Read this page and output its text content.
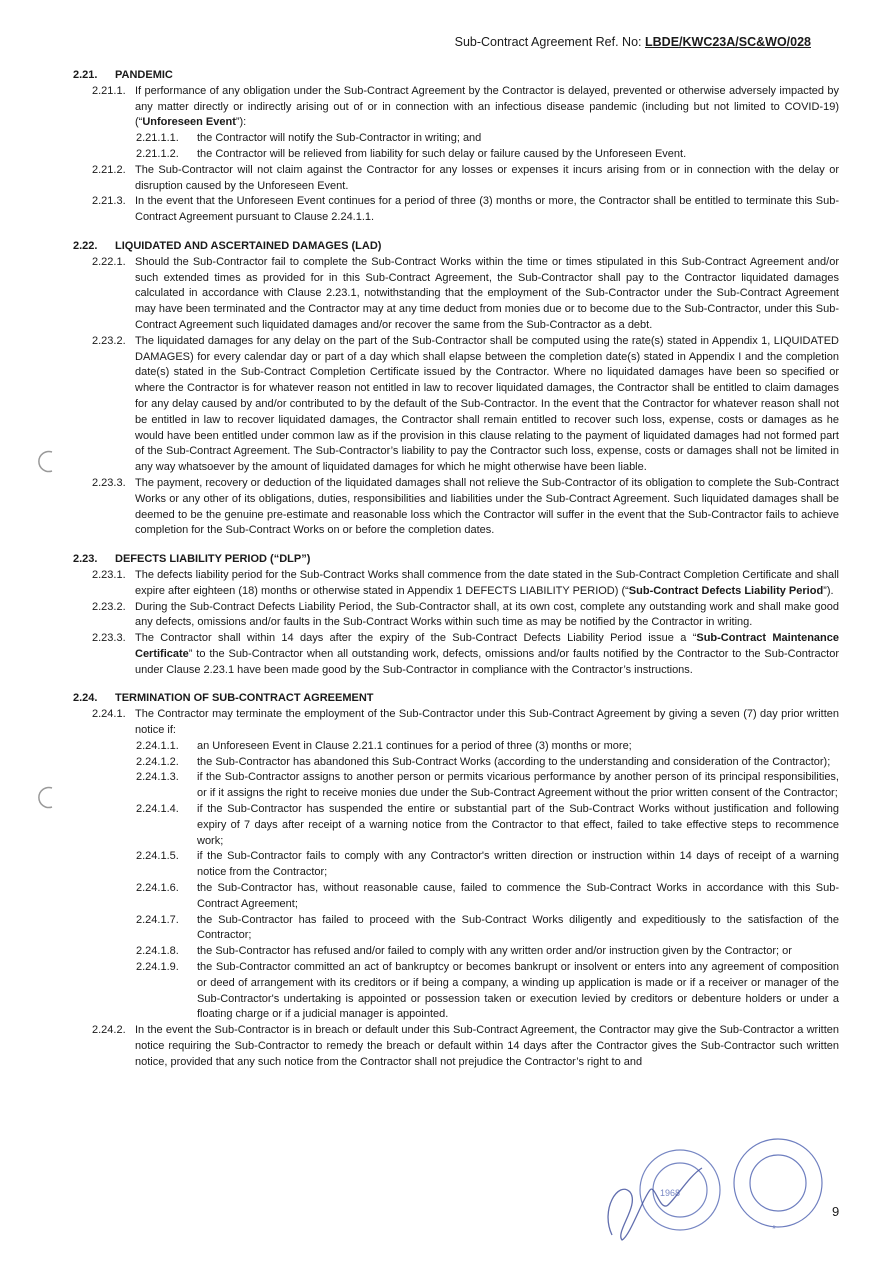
Sub-Contract Agreement Ref. No: LBDE/KWC23A/SC&WO/028
2.21. PANDEMIC
2.21.1. If performance of any obligation under the Sub-Contract Agreement by the Contractor is delayed, prevented or otherwise adversely impacted by any matter directly or indirectly arising out of or in connection with an infectious disease pandemic (including but not limited to COVID-19) (“Unforeseen Event”):
2.21.1.1.	the Contractor will notify the Sub-Contractor in writing; and
2.21.1.2.	the Contractor will be relieved from liability for such delay or failure caused by the Unforeseen Event.
2.21.2. The Sub-Contractor will not claim against the Contractor for any losses or expenses it incurs arising from or in connection with the delay or disruption caused by the Unforeseen Event.
2.21.3. In the event that the Unforeseen Event continues for a period of three (3) months or more, the Contractor shall be entitled to terminate this Sub-Contract Agreement pursuant to Clause 2.24.1.1.
2.22. LIQUIDATED AND ASCERTAINED DAMAGES (LAD)
2.22.1. Should the Sub-Contractor fail to complete the Sub-Contract Works within the time or times stipulated in this Sub-Contract Agreement and/or such extended times as provided for in this Sub-Contract Agreement, the Sub-Contractor shall pay to the Contractor liquidated damages calculated in accordance with Clause 2.23.1, notwithstanding that the employment of the Sub-Contractor under the Sub-Contract Agreement may have been terminated and the Contractor may at any time deduct from monies due or to become due to the Sub-Contractor, under this Sub-Contract Agreement such liquidated damages and/or recover the same from the Sub-Contractor as a debt.
2.23.2. The liquidated damages for any delay on the part of the Sub-Contractor shall be computed using the rate(s) stated in Appendix 1, LIQUIDATED DAMAGES) for every calendar day or part of a day which shall elapse between the completion date(s) stated in Appendix I and the completion date(s) stated in the Sub-Contract Completion Certificate issued by the Contractor. Where no liquidated damages have been so specified or where the Contractor is for whatever reason not entitled in law to recover liquidated damages, the Contractor shall be entitled to claim damages for any delay caused by and/or contributed to by the default of the Sub-Contractor. In the event that the Contractor for whatever reason shall not be entitled in law to recover liquidated damages, the Contractor shall remain entitled to recover such loss, expense, costs or damages as he would have been entitled under common law as if the provision in this clause relating to the payment of liquidated damages had not formed part of the Sub-Contract Agreement. The Sub-Contractor’s liability to pay the Contractor such loss, expense, costs or damages shall not be limited in any way whatsoever by the amount of liquidated damages for which he might otherwise have been liable.
2.23.3. The payment, recovery or deduction of the liquidated damages shall not relieve the Sub-Contractor of its obligation to complete the Sub-Contract Works or any other of its obligations, duties, responsibilities and liabilities under the Sub-Contract Agreement. Such liquidated damages shall be deemed to be the genuine pre-estimate and reasonable loss which the Contractor will suffer in the event that the Sub-Contractor fails to achieve completion for the Sub-Contract Works on or before the completion dates.
2.23. DEFECTS LIABILITY PERIOD (“DLP”)
2.23.1. The defects liability period for the Sub-Contract Works shall commence from the date stated in the Sub-Contract Completion Certificate and shall expire after eighteen (18) months or otherwise stated in Appendix 1 DEFECTS LIABILITY PERIOD) (“Sub-Contract Defects Liability Period”).
2.23.2. During the Sub-Contract Defects Liability Period, the Sub-Contractor shall, at its own cost, complete any outstanding work and shall make good any defects, omissions and/or faults in the Sub-Contract Works within such time as may be notified by the Contractor in writing.
2.23.3. The Contractor shall within 14 days after the expiry of the Sub-Contract Defects Liability Period issue a “Sub-Contract Maintenance Certificate” to the Sub-Contractor when all outstanding work, defects, omissions and/or faults notified by the Contractor to the Sub-Contractor under Clause 2.23.1 have been made good by the Sub-Contractor in compliance with the Contractor’s instructions.
2.24. TERMINATION OF SUB-CONTRACT AGREEMENT
2.24.1. The Contractor may terminate the employment of the Sub-Contractor under this Sub-Contract Agreement by giving a seven (7) day prior written notice if:
2.24.1.1.	an Unforeseen Event in Clause 2.21.1 continues for a period of three (3) months or more;
2.24.1.2.	the Sub-Contractor has abandoned this Sub-Contract Works (according to the understanding and consideration of the Contractor);
2.24.1.3.	if the Sub-Contractor assigns to another person or permits vicarious performance by another person of its principal responsibilities, or if it assigns the right to receive monies due under the Sub-Contract Agreement without the prior written consent of the Contractor;
2.24.1.4.	if the Sub-Contractor has suspended the entire or substantial part of the Sub-Contract Works without justification and following expiry of 7 days after receipt of a warning notice from the Contractor to that effect, failed to take effective steps to recommence work;
2.24.1.5.	if the Sub-Contractor fails to comply with any Contractor's written direction or instruction within 14 days of receipt of a warning notice from the Contractor;
2.24.1.6.	the Sub-Contractor has, without reasonable cause, failed to commence the Sub-Contract Works in accordance with this Sub-Contract Agreement;
2.24.1.7.	the Sub-Contractor has failed to proceed with the Sub-Contract Works diligently and expeditiously to the satisfaction of the Contractor;
2.24.1.8.	the Sub-Contractor has refused and/or failed to comply with any written order and/or instruction given by the Contractor; or
2.24.1.9.	the Sub-Contractor committed an act of bankruptcy or becomes bankrupt or insolvent or enters into any agreement of composition or deed of arrangement with its creditors or if being a company, a winding up application is made or if a receiver or manager of the Sub-Contractor's undertaking is appointed or possession taken or execution levied by creditors or debenture holders or under a floating charge or if a judicial manager is appointed.
2.24.2. In the event the Sub-Contractor is in breach or default under this Sub-Contract Agreement, the Contractor may give the Sub-Contractor a written notice requiring the Sub-Contractor to remedy the breach or default within 14 days after the Contractor gives the Sub-Contractor such written notice, provided that any such notice from the Contractor shall not prejudice the Contractor’s right to and
1968
*
9
